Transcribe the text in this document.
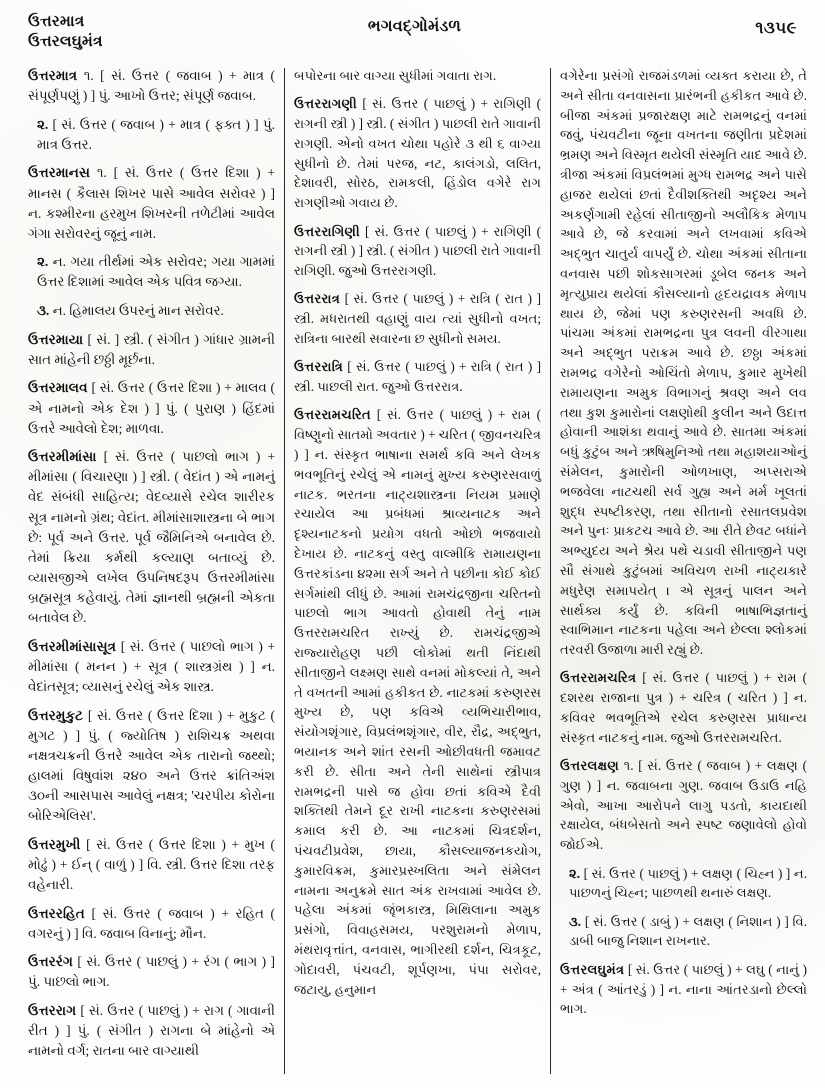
ઉત્તરમાત્ર
ઉત્તરલઘુમંત્ર
ભગવદ્ગોમંડળ	૧૩૫૯

ઉત્તરમાત્ર ૧. [ સં. ઉત્તર ( જવાબ ) + માત્ર ( સંપૂર્ણપણું ) ] પું. આખો ઉત્તર; સંપૂર્ણ જવાબ.

૨. [ સં. ઉત્તર ( જવાબ ) + માત્ર ( ફક્ત ) ] પું. માત્ર ઉત્તર.

ઉત્તરમાનસ ૧. [ સં. ઉત્તર ( ઉત્તર દિશા ) + માનસ ( કૈલાસ શિખર પાસે આવેલ સરોવર ) ] ન. કશ્મીરના હરમુખ શિખરની તળેટીમાં આવેલ ગંગા સરોવરનું જૂનું નામ.

૨. ન. ગયા તીર્થમાં એક સરોવર; ગયા ગામમાં ઉત્તર દિશામાં આવેલ એક પવિત્ર જગ્યા.

૩. ન. હિમાલય ઉપરનું માન સરોવર.

ઉત્તરમાયા [ સં. ] સ્ત્રી. ( સંગીત ) ગાંધાર ગ્રામની સાત માંહેની છઠ્ઠી મૂર્છના.

ઉત્તરમાલવ [ સં. ઉત્તર ( ઉત્તર દિશા ) + માલવ ( એ નામનો એક દેશ ) ] પું. ( પુરાણ ) હિંદમાં ઉત્તરે આવેલો દેશ; માળવા.

ઉત્તરમીમાંસા [ સં. ઉત્તર ( પાછલો ભાગ ) + મીમાંસા ( વિચારણા ) ] સ્ત્રી. ( વેદાંત ) એ નામનું વેદ સંબંધી સાહિત્ય; વેદવ્યાસે રચેલ શારીરક સૂત્ર નામનો ગ્રંથ; વેદાંત. મીમાંસાશાસ્ત્રના બે ભાગ છે: પૂર્વ અને ઉત્તર. પૂર્વ જૈમિનિએ બનાવેલ છે. તેમાં ક્રિયા કર્મથી કલ્યાણ બતાવ્યું છે. વ્યાસજીએ લખેલ ઉપનિષદરૂપ ઉત્તરમીમાંસા બ્રહ્મસૂત્ર કહેવાયું. તેમાં જ્ઞાનથી બ્રહ્મની એકતા બતાવેલ છે.

ઉત્તરમીમાંસાસૂત્ર [ સં. ઉત્તર ( પાછલો ભાગ ) + મીમાંસા ( મનન ) + સૂત્ર ( શાસ્ત્રગ્રંથ ) ] ન. વેદાંતસૂત્ર; વ્યાસનું રચેલું એક શાસ્ત્ર.

ઉત્તરમુકુટ [ સં. ઉત્તર ( ઉત્તર દિશા ) + મુકુટ ( મુગટ ) ] પું. ( જ્યોતિષ ) રાશિચક્ર અથવા નક્ષત્રચક્રની ઉત્તરે આવેલ એક તારાનો જથ્થો; હાલમાં વિષુવાંશ ૨૪૦ અને ઉત્તર ક્રાંતિઅંશ ૩૦ની આસપાસ આવેલું નક્ષત્ર; 'ચરપીય કોરોના બોરિએલિસ'.

ઉત્તરમુખી [ સં. ઉત્તર ( ઉત્તર દિશા ) + મુખ ( મોઢું ) + ઈન્ ( વાળું ) ] વિ. સ્ત્રી. ઉત્તર દિશા તરફ વહેનારી.

ઉત્તરરહિત [ સં. ઉત્તર ( જવાબ ) + રહિત ( વગરનું ) ] વિ. જવાબ વિનાનું; મૌન.

ઉત્તરરંગ [ સં. ઉત્તર ( પાછલું ) + રંગ ( ભાગ ) ] પું. પાછલો ભાગ.

ઉત્તરરાગ [ સં. ઉત્તર ( પાછલું ) + રાગ ( ગાવાની રીત ) ] પું. ( સંગીત ) રાગના બે માંહેનો એ નામનો વર્ગ; રાતના બાર વાગ્યાથી

બપોરના બાર વાગ્યા સુધીમાં ગવાતા રાગ.

ઉત્તરરાગણી [ સં. ઉત્તર ( પાછલું ) + રાગિણી ( રાગની સ્ત્રી ) ] સ્ત્રી. ( સંગીત ) પાછલી રાતે ગાવાની રાગણી. એનો વખત ચોથા પહોરે ૩ થી ૬ વાગ્યા સુધીનો છે. તેમાં પરજ, નટ, કાલંગડો, લલિત, દેશાવરી, સોરઠ, રામકલી, હિંડોલ વગેરે રાગ રાગણીઓ ગવાય છે.

ઉત્તરરાગિણી [ સં. ઉત્તર ( પાછલું ) + રાગિણી ( રાગની સ્ત્રી ) ] સ્ત્રી. ( સંગીત ) પાછલી રાતે ગાવાની રાગિણી. જુઓ ઉત્તરરાગણી.

ઉત્તરરાત્ર [ સં. ઉત્તર ( પાછલું ) + રાત્રિ ( રાત ) ] સ્ત્રી. મધરાતથી વહાણું વાય ત્યાં સુધીનો વખત; રાત્રિના બારથી સવારના છ સુધીનો સમય.

ઉત્તરરાત્રિ [ સં. ઉત્તર ( પાછલું ) + રાત્રિ ( રાત ) ] સ્ત્રી. પાછલી રાત. જુઓ ઉત્તરરાત્ર.

ઉત્તરરામચરિત [ સં. ઉત્તર ( પાછલું ) + રામ ( વિષ્ણુનો સાતમો અવતાર ) + ચરિત ( જીવનચરિત્ર ) ] ન. સંસ્કૃત ભાષાના સમર્થ કવિ અને લેખક ભવભૂતિનું રચેલું એ નામનું મુખ્ય કરુણરસવાળું નાટક. ભરતના નાટ્યશાસ્ત્રના નિયમ પ્રમાણે રચાયેલ આ પ્રબંધમાં શ્રાવ્યનાટક અને દૃશ્યનાટકનો પ્રયોગ વધતો ઓછો ભજવાયો દેખાય છે. નાટકનું વસ્તુ વાલ્મીકિ રામાયણના ઉત્તરકાંડના ૪૨મા સર્ગ અને તે પછીના કોઈ કોઈ સર્ગમાંથી લીધું છે. આમાં રામચંદ્રજીના ચરિતનો પાછલો ભાગ આવતો હોવાથી તેનું નામ ઉત્તરરામચરિત રાખ્યું છે. રામચંદ્રજીએ રાજ્યારોહણ પછી લોકોમાં થતી નિંદાથી સીતાજીને લક્ષ્મણ સાથે વનમાં મોકલ્યાં તે, અને તે વખતની આમાં હકીકત છે. નાટકમાં કરુણરસ મુખ્ય છે, પણ કવિએ વ્યભિચારીભાવ, સંયોગશૃંગાર, વિપ્રલંભશૃંગાર, વીર, રૌદ્ર, અદ્ભુત, ભયાનક અને શાંત રસની ઓછીવધતી જમાવટ કરી છે. સીતા અને તેની સાથેનાં સ્ત્રીપાત્ર રામભદ્રની પાસે જ હોવા છતાં કવિએ દૈવી શક્તિથી તેમને દૂર રાખી નાટકના કરુણરસમાં કમાલ કરી છે. આ નાટકમાં ચિત્રદર્શન, પંચવટીપ્રવેશ, છાયા, કૌસલ્યાજનકયોગ, કુમારવિક્રમ, કુમારપ્રસ્ખલિતા અને સંમેલન નામના અનુક્રમે સાત અંક રાખવામાં આવેલ છે. પહેલા અંકમાં જૃંભકાસ્ત્ર, મિથિલાના અમુક પ્રસંગો, વિવાહસમય, પરશુરામનો મેળાપ, મંથરાવૃત્તાંત, વનવાસ, ભાગીરથી દર્શન, ચિત્રકૂટ, ગોદાવરી, પંચવટી, શૂર્પણખા, પંપા સરોવર, જટાયુ, હનુમાન

વગેરેના પ્રસંગો રાજમંડળમાં વ્યક્ત કરાયા છે, તે અને સીતા વનવાસના પ્રારંભની હકીકત આવે છે. બીજા અંકમાં પ્રજારક્ષણ માટે રામભદ્રનું વનમાં જવું, પંચવટીના જૂના વખતના જણીતા પ્રદેશમાં ભ્રમણ અને વિસ્મૃત થયેલી સંસ્મૃતિ યાદ આવે છે. ત્રીજા અંકમાં વિપ્રલંભમાં મુગ્ધ રામભદ્ર અને પાસે હાજર થયેલાં છતાં દૈવીશક્તિથી અદૃશ્ય અને અકર્ણગામી રહેલાં સીતાજીનો અલૌકિક મેળાપ આવે છે, જે કરવામાં અને લખવામાં કવિએ અદ્ભુત ચાતુર્ય વાપર્યું છે. ચોથા અંકમાં સીતાના વનવાસ પછી શોકસાગરમાં ડૂબેલ જનક અને મૃત્યુપ્રાય થયેલાં કૌસલ્યાનો હૃદયદ્રાવક મેળાપ થાય છે, જેમાં પણ કરુણરસની અવધિ છે. પાંચમા અંકમાં રામભદ્રના પુત્ર લવની વીરગાથા અને અદ્ભુત પરાક્રમ આવે છે. છઠ્ઠા અંકમાં રામભદ્ર વગેરેનો ઓચિંતો મેળાપ, કુમાર મુખેથી રામાયણના અમુક વિભાગનું શ્રવણ અને લવ તથા કુશ કુમારોનાં લક્ષણોથી કુલીન અને ઉદાત્ત હોવાની આશંકા થવાનું આવે છે. સાતમા અંકમાં બધું કુટુંબ અને ઋષિમુનિઓ તથા મહાશયાઓનું સંમેલન, કુમારોની ઓળખાણ, અપ્સરાએ ભજવેલા નાટચથી સર્વ ગુહ્ય અને મર્મ ખૂલતાં શુદ્ધ સ્પષ્ટીકરણ, તથા સીતાનો રસાતલપ્રવેશ અને પુનઃ પ્રાકટચ આવે છે. આ રીતે છેવટ બધાંને અભ્યુદય અને શ્રેય પથે ચડાવી સીતાજીને પણ સૌ સંગાથે કુટુંબમાં અવિચળ રાખી નાટ્યકારે મધુરેણ સમાપયેત્ । એ સૂત્રનું પાલન અને સાર્થક્ય કર્યું છે. કવિની ભાષાભિજ્ઞતાનું સ્વાભિમાન નાટકના પહેલા અને છેલ્લા શ્લોકમાં તરવરી ઉજાળા મારી રહ્યું છે.

ઉત્તરરામચરિત્ર [ સં. ઉત્તર ( પાછલું ) + રામ ( દશરથ રાજાના પુત્ર ) + ચરિત્ર ( ચરિત ) ] ન. કવિવર ભવભૂતિએ રચેલ કરુણરસ પ્રાધાન્ય સંસ્કૃત નાટકનું નામ. જુઓ ઉત્તરરામચરિત.

ઉત્તરલક્ષણ ૧. [ સં. ઉત્તર ( જવાબ ) + લક્ષણ ( ગુણ ) ] ન. જવાબના ગુણ. જવાબ ઉડાઉ નહિ એવો, આખા આરોપને લાગુ પડતો, કાયદાથી રક્ષાયેલ, બંધબેસતો અને સ્પષ્ટ જણાવેલો હોવો જોઈએ.

૨. [ સં. ઉત્તર ( પાછલું ) + લક્ષણ ( ચિહ્ન ) ] ન. પાછળનું ચિહ્ન; પાછળથી થનારું લક્ષણ.

૩. [ સં. ઉત્તર ( ડાબું ) + લક્ષણ ( નિશાન ) ] વિ. ડાબી બાજુ નિશાન રાખનાર.

ઉત્તરલઘુમંત્ર [ સં. ઉત્તર ( પાછલું ) + લઘુ ( નાનું ) + અંત્ર ( આંતરડું ) ] ન. નાના આંતરડાનો છેલ્લો ભાગ.
